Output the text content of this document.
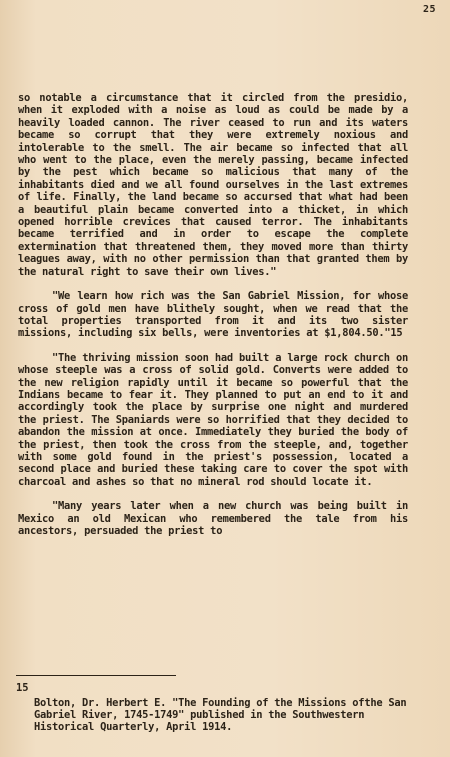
25

so notable a circumstance that it circled from the presidio, when it exploded with a noise as loud as could be made by a heavily loaded cannon. The river ceased to run and its waters became so corrupt that they were extremely noxious and intolerable to the smell. The air became so infected that all who went to the place, even the merely passing, became infected by the pest which became so malicious that many of the inhabitants died and we all found ourselves in the last extremes of life. Finally, the land became so accursed that what had been a beautiful plain became converted into a thicket, in which opened horrible crevices that caused terror. The inhabitants became terrified and in order to escape the complete extermination that threatened them, they moved more than thirty leagues away, with no other permission than that granted them by the natural right to save their own lives."

"We learn how rich was the San Gabriel Mission, for whose cross of gold men have blithely sought, when we read that the total properties transported from it and its two sister missions, including six bells, were inventories at $1,804.50."15

"The thriving mission soon had built a large rock church on whose steeple was a cross of solid gold. Converts were added to the new religion rapidly until it became so powerful that the Indians became to fear it. They planned to put an end to it and accordingly took the place by surprise one night and murdered the priest. The Spaniards were so horrified that they decided to abandon the mission at once. Immediately they buried the body of the priest, then took the cross from the steeple, and, together with some gold found in the priest's possession, located a second place and buried these taking care to cover the spot with charcoal and ashes so that no mineral rod should locate it.

"Many years later when a new church was being built in Mexico an old Mexican who remembered the tale from his ancestors, persuaded the priest to

15
Bolton, Dr. Herbert E. "The Founding of the Missions ofthe San Gabriel River, 1745-1749" published in the Southwestern Historical Quarterly, April 1914.
